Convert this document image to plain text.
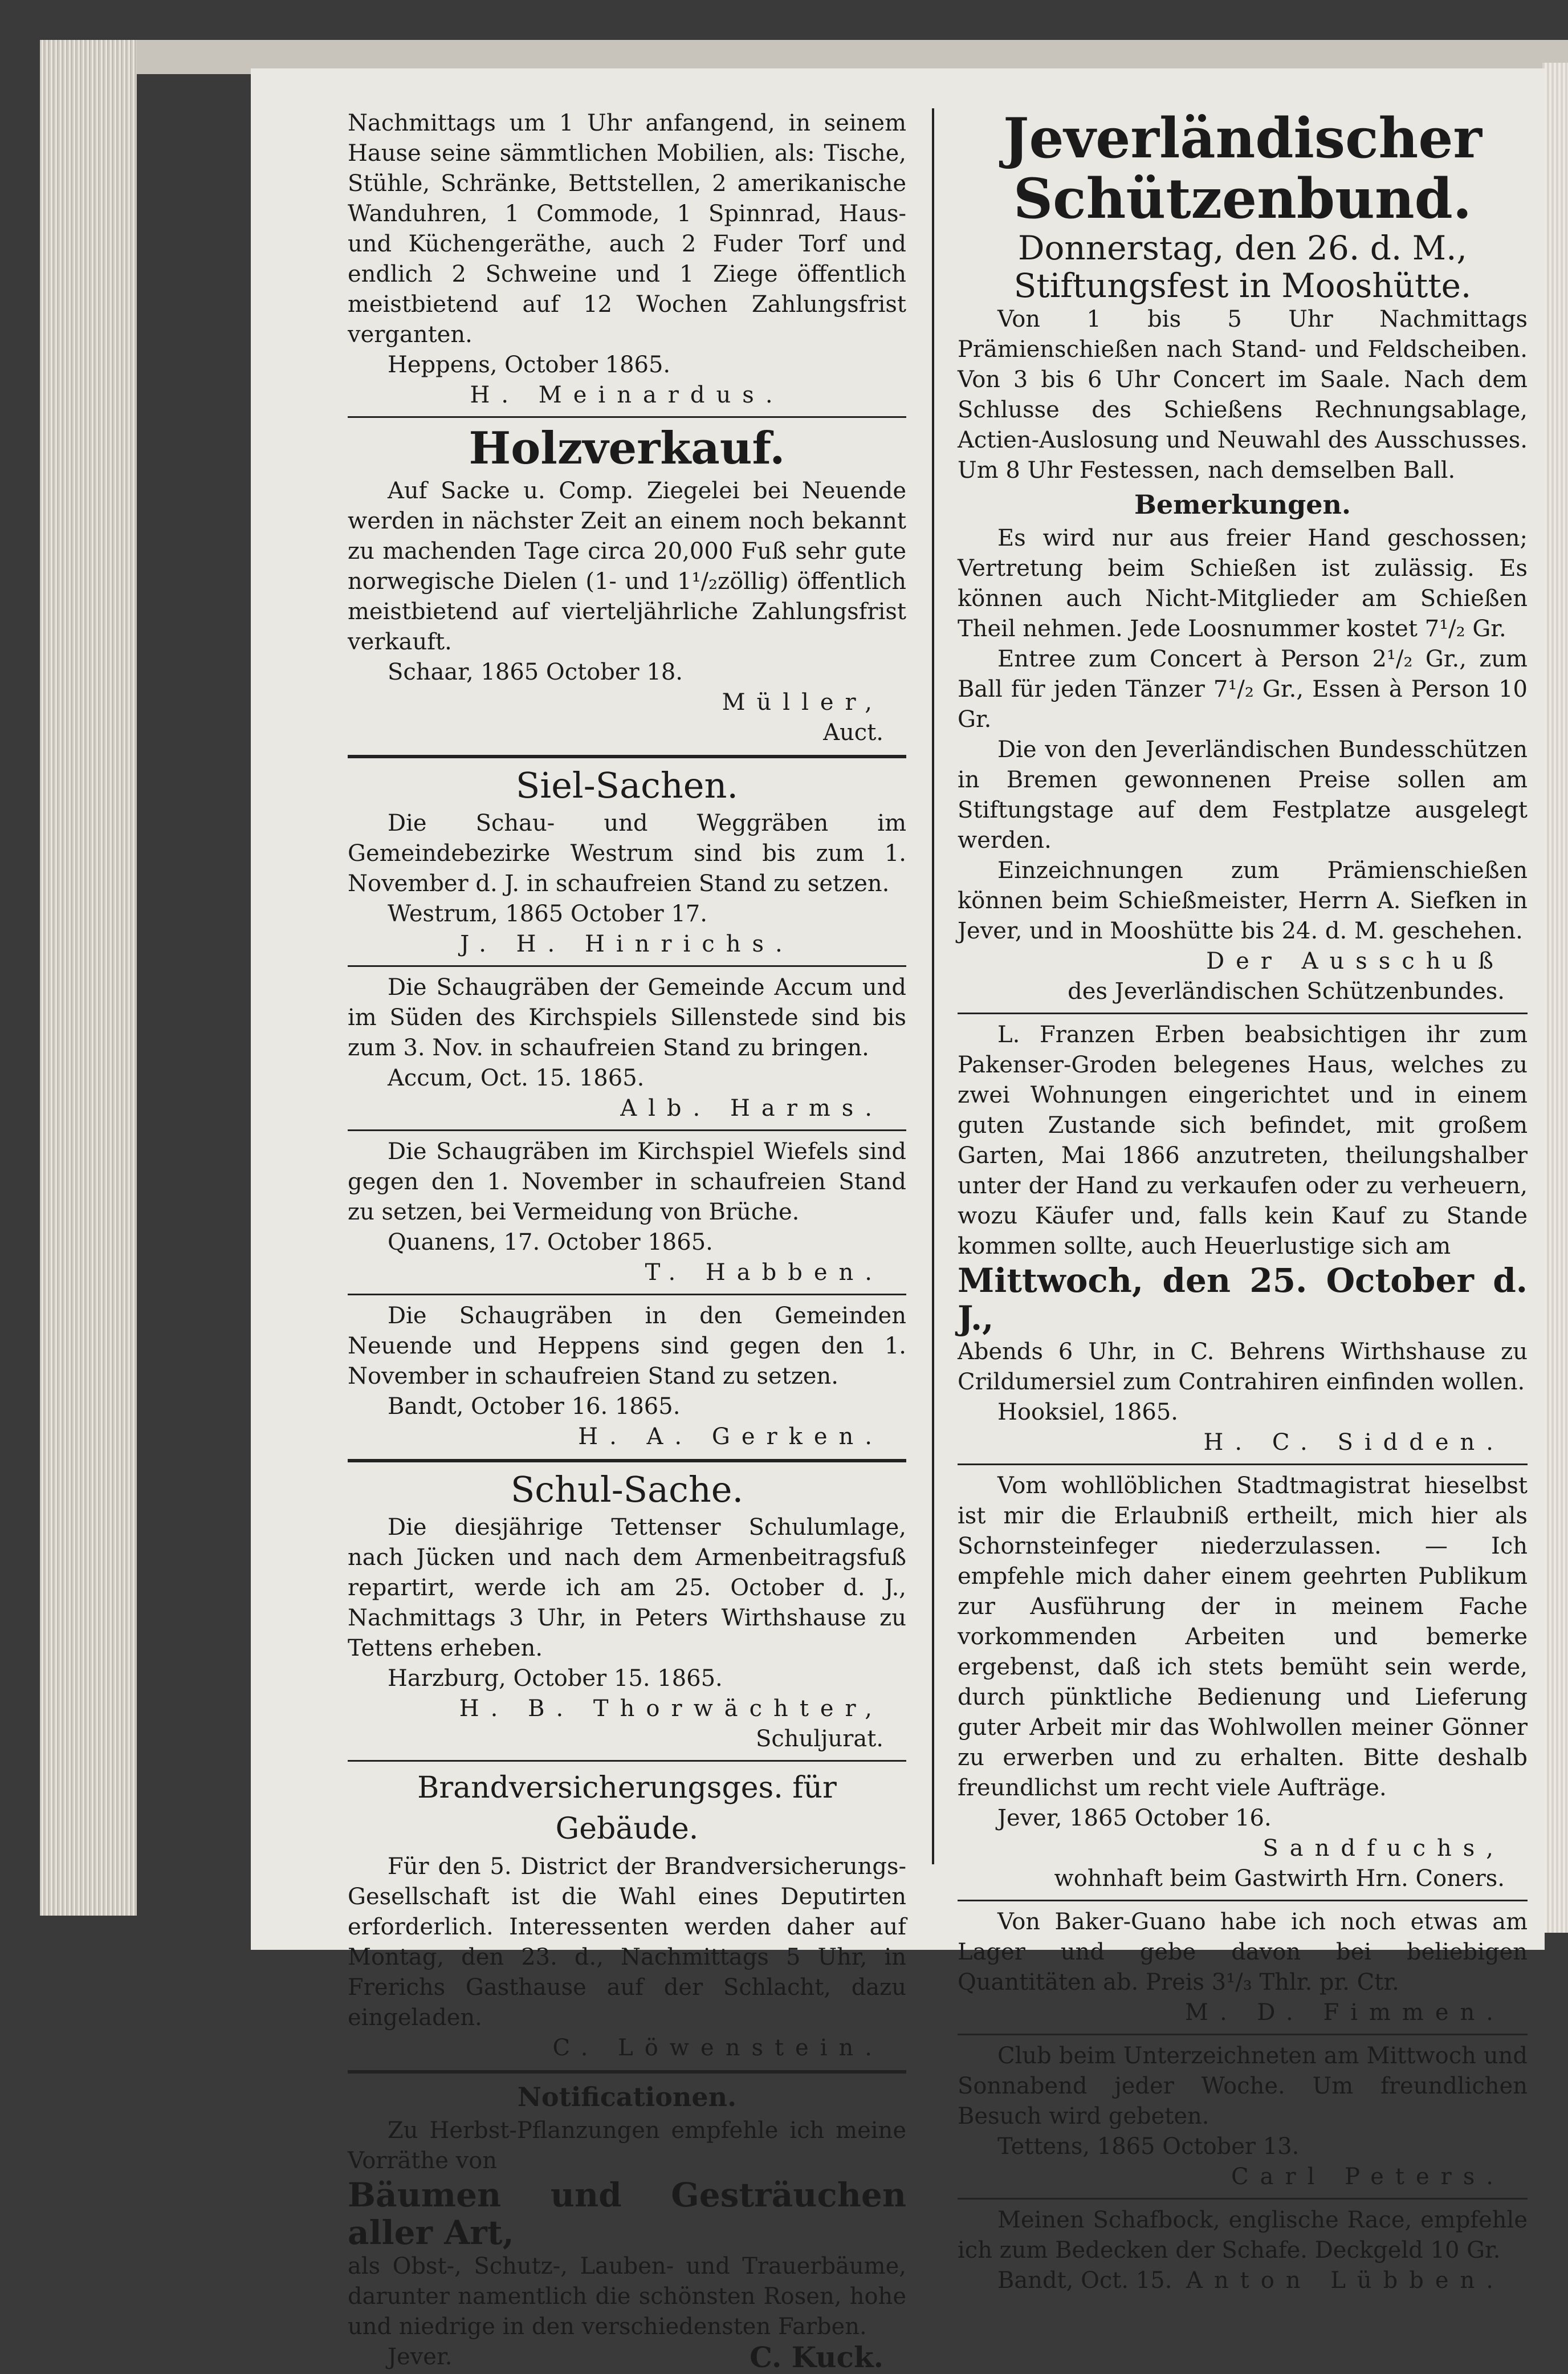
Nachmittags um 1 Uhr anfangend, in seinem Hause seine sämmtlichen Mobilien, als: Tische, Stühle, Schränke, Bettstellen, 2 amerikanische Wanduhren, 1 Commode, 1 Spinnrad, Haus- und Küchengeräthe, auch 2 Fuder Torf und endlich 2 Schweine und 1 Ziege öffentlich meistbietend auf 12 Wochen Zahlungsfrist verganten.

Heppens, October 1865.

H. Meinardus.

Holzverkauf.

Auf Sacke u. Comp. Ziegelei bei Neuende werden in nächster Zeit an einem noch bekannt zu machenden Tage circa 20,000 Fuß sehr gute norwegische Dielen (1- und 1¹/₂zöllig) öffentlich meistbietend auf vierteljährliche Zahlungsfrist verkauft.

Schaar, 1865 October 18.

Müller,

Auct.

Siel-Sachen.

Die Schau- und Weggräben im Gemeindebezirke Westrum sind bis zum 1. November d. J. in schaufreien Stand zu setzen.

Westrum, 1865 October 17.

J. H. Hinrichs.

Die Schaugräben der Gemeinde Accum und im Süden des Kirchspiels Sillenstede sind bis zum 3. Nov. in schaufreien Stand zu bringen.

Accum, Oct. 15. 1865.

Alb. Harms.

Die Schaugräben im Kirchspiel Wiefels sind gegen den 1. November in schaufreien Stand zu setzen, bei Vermeidung von Brüche.

Quanens, 17. October 1865.

T. Habben.

Die Schaugräben in den Gemeinden Neuende und Heppens sind gegen den 1. November in schaufreien Stand zu setzen.

Bandt, October 16. 1865.

H. A. Gerken.

Schul-Sache.

Die diesjährige Tettenser Schulumlage, nach Jücken und nach dem Armenbeitragsfuß repartirt, werde ich am 25. October d. J., Nachmittags 3 Uhr, in Peters Wirthshause zu Tettens erheben.

Harzburg, October 15. 1865.

H. B. Thorwächter,

Schuljurat.

Brandversicherungsges. für Gebäude.

Für den 5. District der Brandversicherungs-Gesellschaft ist die Wahl eines Deputirten erforderlich. Interessenten werden daher auf Montag, den 23. d., Nachmittags 5 Uhr, in Frerichs Gasthause auf der Schlacht, dazu eingeladen.

C. Löwenstein.

Notificationen.

Zu Herbst-Pflanzungen empfehle ich meine Vorräthe von

Bäumen und Gesträuchen aller Art,

als Obst-, Schutz-, Lauben- und Trauerbäume, darunter namentlich die schönsten Rosen, hohe und niedrige in den verschiedensten Farben.

Jever.	C. Kuck.

Jeverländischer Schützenbund.

Donnerstag, den 26. d. M., Stiftungsfest in Mooshütte.

Von 1 bis 5 Uhr Nachmittags Prämienschießen nach Stand- und Feldscheiben. Von 3 bis 6 Uhr Concert im Saale. Nach dem Schlusse des Schießens Rechnungsablage, Actien-Auslosung und Neuwahl des Ausschusses. Um 8 Uhr Festessen, nach demselben Ball.

Bemerkungen.

Es wird nur aus freier Hand geschossen; Vertretung beim Schießen ist zulässig. Es können auch Nicht-Mitglieder am Schießen Theil nehmen. Jede Loosnummer kostet 7¹/₂ Gr.

Entree zum Concert à Person 2¹/₂ Gr., zum Ball für jeden Tänzer 7¹/₂ Gr., Essen à Person 10 Gr.

Die von den Jeverländischen Bundesschützen in Bremen gewonnenen Preise sollen am Stiftungstage auf dem Festplatze ausgelegt werden.

Einzeichnungen zum Prämienschießen können beim Schießmeister, Herrn A. Siefken in Jever, und in Mooshütte bis 24. d. M. geschehen.

Der Ausschuß

des Jeverländischen Schützenbundes.

L. Franzen Erben beabsichtigen ihr zum Pakenser-Groden belegenes Haus, welches zu zwei Wohnungen eingerichtet und in einem guten Zustande sich befindet, mit großem Garten, Mai 1866 anzutreten, theilungshalber unter der Hand zu verkaufen oder zu verheuern, wozu Käufer und, falls kein Kauf zu Stande kommen sollte, auch Heuerlustige sich am

Mittwoch, den 25. October d. J.,

Abends 6 Uhr, in C. Behrens Wirthshause zu Crildumersiel zum Contrahiren einfinden wollen.

Hooksiel, 1865.

H. C. Sidden.

Vom wohllöblichen Stadtmagistrat hieselbst ist mir die Erlaubniß ertheilt, mich hier als Schornsteinfeger niederzulassen. — Ich empfehle mich daher einem geehrten Publikum zur Ausführung der in meinem Fache vorkommenden Arbeiten und bemerke ergebenst, daß ich stets bemüht sein werde, durch pünktliche Bedienung und Lieferung guter Arbeit mir das Wohlwollen meiner Gönner zu erwerben und zu erhalten. Bitte deshalb freundlichst um recht viele Aufträge.

Jever, 1865 October 16.

Sandfuchs,

wohnhaft beim Gastwirth Hrn. Coners.

Von Baker-Guano habe ich noch etwas am Lager und gebe davon bei beliebigen Quantitäten ab. Preis 3¹/₃ Thlr. pr. Ctr.

M. D. Fimmen.

Club beim Unterzeichneten am Mittwoch und Sonnabend jeder Woche. Um freundlichen Besuch wird gebeten.

Tettens, 1865 October 13.

Carl Peters.

Meinen Schafbock, englische Race, empfehle ich zum Bedecken der Schafe. Deckgeld 10 Gr.

Bandt, Oct. 15. Anton Lübben.
